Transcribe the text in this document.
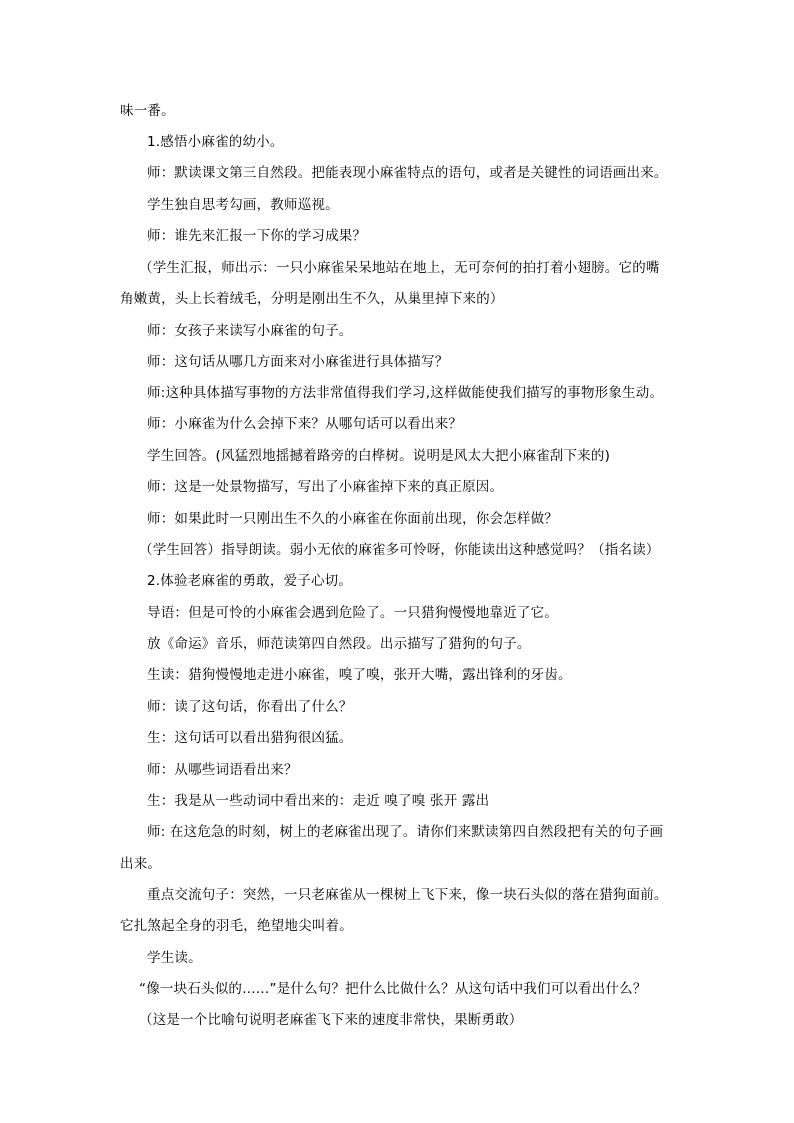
味一番。
1.感悟小麻雀的幼小。
师：默读课文第三自然段。把能表现小麻雀特点的语句，或者是关键性的词语画出来。
学生独自思考勾画，教师巡视。
师：谁先来汇报一下你的学习成果？
（学生汇报，师出示：一只小麻雀呆呆地站在地上，无可奈何的拍打着小翅膀。它的嘴
角嫩黄，头上长着绒毛，分明是刚出生不久，从巢里掉下来的）
师：女孩子来读写小麻雀的句子。
师：这句话从哪几方面来对小麻雀进行具体描写？
师:这种具体描写事物的方法非常值得我们学习,这样做能使我们描写的事物形象生动。
师：小麻雀为什么会掉下来？从哪句话可以看出来？
学生回答。(风猛烈地摇撼着路旁的白桦树。说明是风太大把小麻雀刮下来的)
师：这是一处景物描写，写出了小麻雀掉下来的真正原因。
师：如果此时一只刚出生不久的小麻雀在你面前出现，你会怎样做？
（学生回答）指导朗读。弱小无依的麻雀多可怜呀，你能读出这种感觉吗？（指名读）
2.体验老麻雀的勇敢，爱子心切。
导语：但是可怜的小麻雀会遇到危险了。一只猎狗慢慢地靠近了它。
放《命运》音乐，师范读第四自然段。出示描写了猎狗的句子。
生读：猎狗慢慢地走进小麻雀，嗅了嗅，张开大嘴，露出锋利的牙齿。
师：读了这句话，你看出了什么？
生：这句话可以看出猎狗很凶猛。
师：从哪些词语看出来？
生：我是从一些动词中看出来的：走近 嗅了嗅 张开 露出
师: 在这危急的时刻，树上的老麻雀出现了。请你们来默读第四自然段把有关的句子画
出来。
重点交流句子：突然，一只老麻雀从一棵树上飞下来，像一块石头似的落在猎狗面前。
它扎煞起全身的羽毛，绝望地尖叫着。
学生读。
“像一块石头似的……”是什么句？把什么比做什么？从这句话中我们可以看出什么？
（这是一个比喻句说明老麻雀飞下来的速度非常快，果断勇敢）
